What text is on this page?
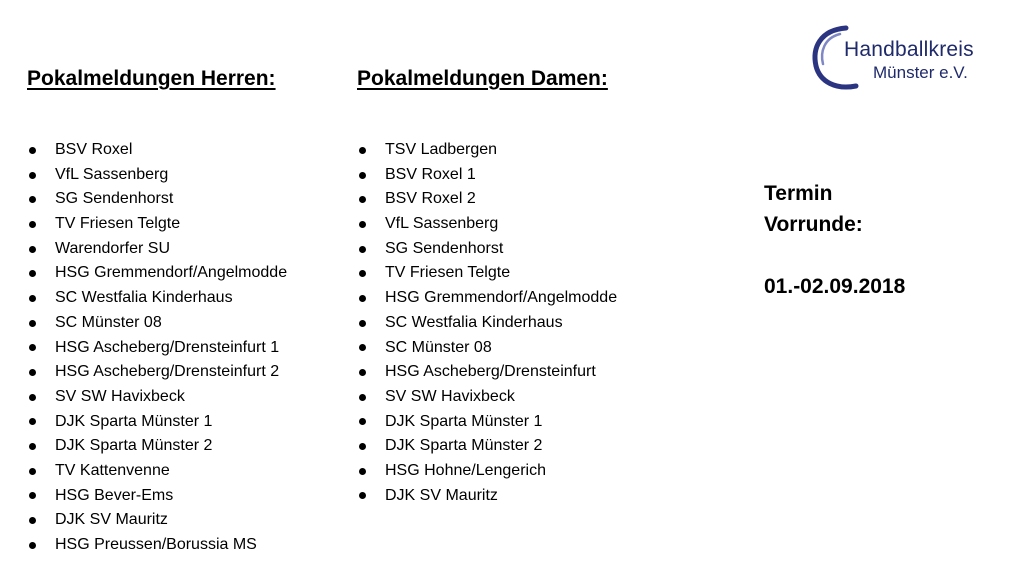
Handballkreis
Münster e.V.
Pokalmeldungen Herren:
BSV Roxel
VfL Sassenberg
SG Sendenhorst
TV Friesen Telgte
Warendorfer SU
HSG Gremmendorf/Angelmodde
SC Westfalia Kinderhaus
SC Münster 08
HSG Ascheberg/Drensteinfurt 1
HSG Ascheberg/Drensteinfurt 2
SV SW Havixbeck
DJK Sparta Münster 1
DJK Sparta Münster 2
TV Kattenvenne
HSG Bever-Ems
DJK SV Mauritz
HSG Preussen/Borussia MS
Pokalmeldungen Damen:
TSV Ladbergen
BSV Roxel 1
BSV Roxel 2
VfL Sassenberg
SG Sendenhorst
TV Friesen Telgte
HSG Gremmendorf/Angelmodde
SC Westfalia Kinderhaus
SC Münster 08
HSG Ascheberg/Drensteinfurt
SV SW Havixbeck
DJK Sparta Münster 1
DJK Sparta Münster 2
HSG Hohne/Lengerich
DJK SV Mauritz
Termin
Vorrunde:
01.-02.09.2018
